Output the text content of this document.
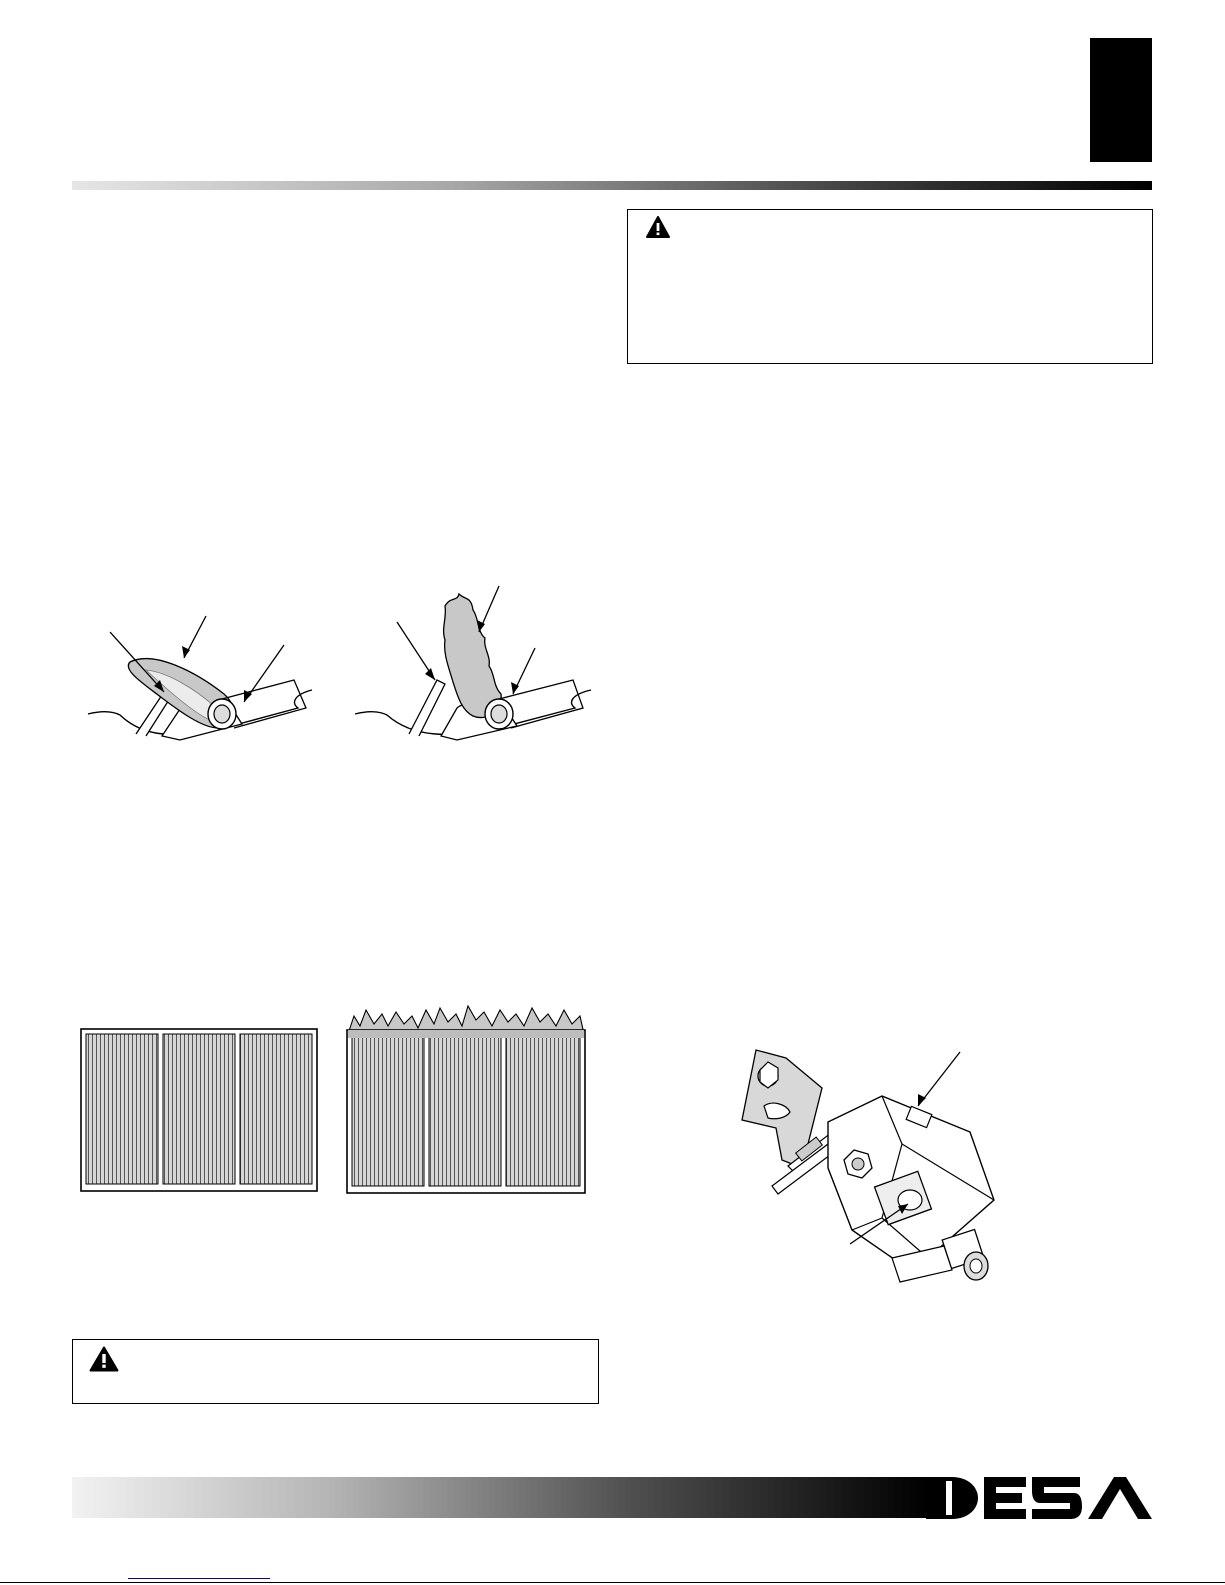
DESA
